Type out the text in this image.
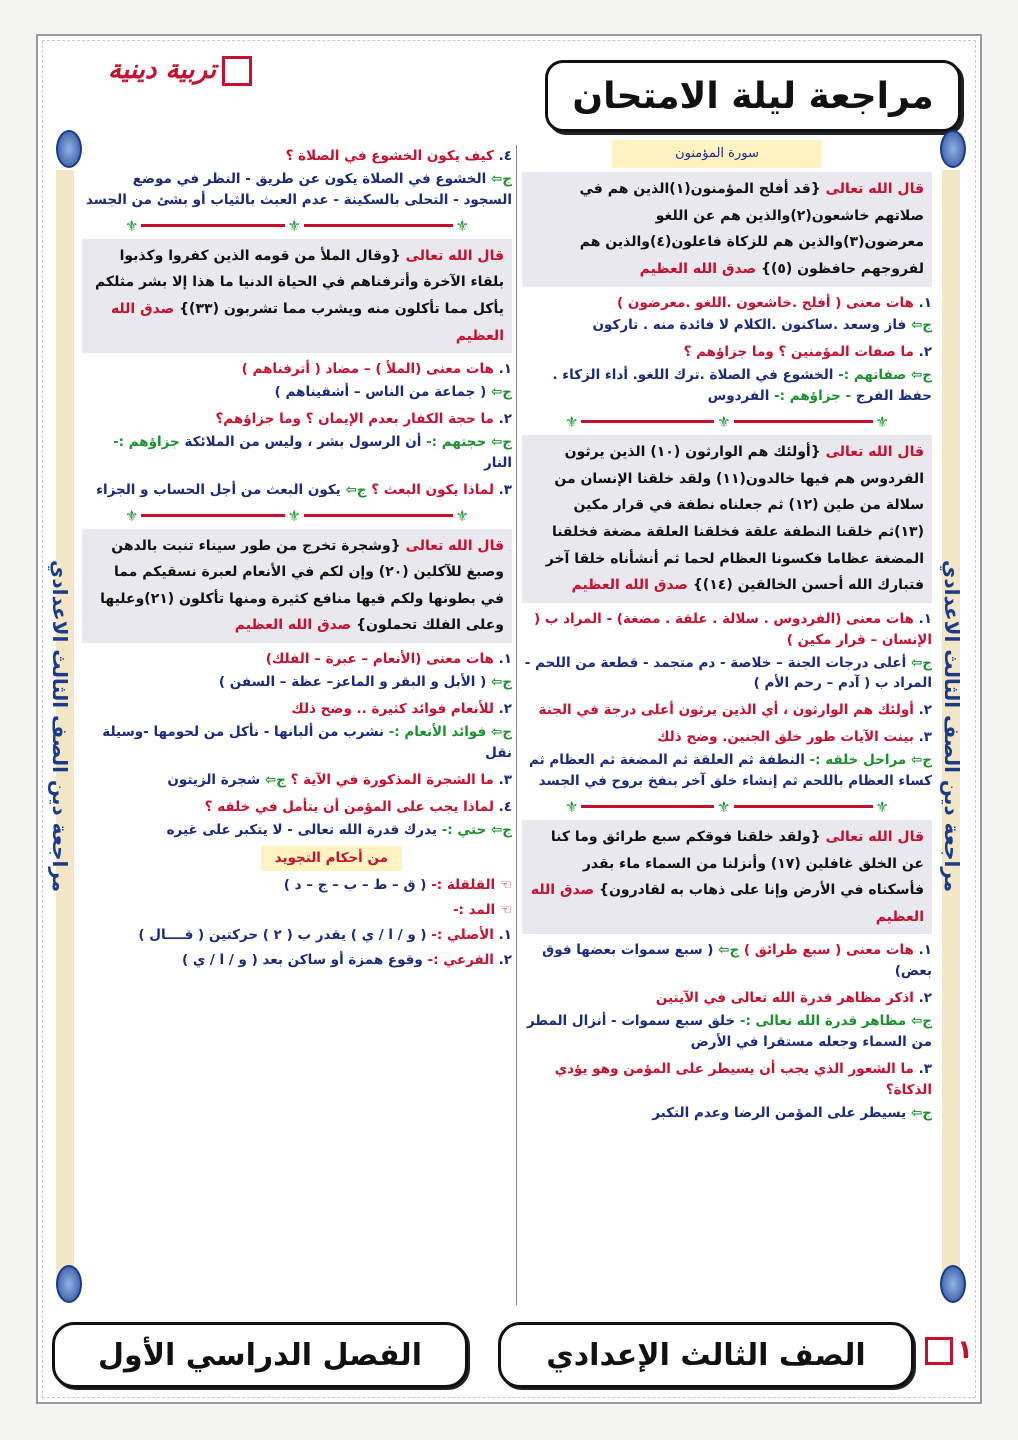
مراجعة ليلة الامتحان
تربية دينية
مراجعة دين الصف الثالث الاعدادي
مراجعة دين الصف الثالث الاعدادي
سورة المؤمنون
قال الله تعالى {قد أفلح المؤمنون(١)الذين هم في صلاتهم خاشعون(٢)والذين هم عن اللغو معرضون(٣)والذين هم للزكاة فاعلون(٤)والذين هم لفروجهم حافظون (٥)} صدق الله العظيم
١. هات معنى ( أفلح .خاشعون .اللغو .معرضون )
ج⇦ فاز وسعد .ساكنون .الكلام لا فائدة منه . تاركون
٢. ما صفات المؤمنين ؟ وما جزاؤهم ؟
ج⇦ صفاتهم :- الخشوع في الصلاة .ترك اللغو. أداء الزكاء . حفظ الفرج - جزاؤهم :- الفردوس
⚜
⚜
⚜
قال الله تعالى {أولئك هم الوارثون (١٠) الذين يرثون الفردوس هم فيها خالدون(١١) ولقد خلقنا الإنسان من سلالة من طين (١٢) ثم جعلناه نطفة في قرار مكين (١٣)ثم خلقنا النطفة علقة فخلقنا العلقة مضغة فخلقنا المضغة عظاما فكسونا العظام لحما ثم أنشأناه خلقا آخر فتبارك الله أحسن الخالقين (١٤)} صدق الله العظيم
١. هات معنى (الفردوس . سلالة . علقة . مضغة) - المراد ب ( الإنسان – قرار مكين )
ج⇦ أعلى درجات الجنة – خلاصة - دم متجمد - قطعة من اللحم - المراد ب ( آدم – رحم الأم )
٢. أولئك هم الوارثون ، أي الذين يرثون أعلى درجة في الجنة
٣. بينت الآيات طور خلق الجنين. وضح ذلك
ج⇦ مراحل خلقه :- النطفة ثم العلقة ثم المضغة ثم العظام ثم كساء العظام باللحم ثم إنشاء خلق آخر بنفخ بروح في الجسد
⚜
⚜
⚜
قال الله تعالى {ولقد خلقنا فوقكم سبع طرائق وما كنا عن الخلق غافلين (١٧) وأنزلنا من السماء ماء بقدر فأسكناه في الأرض وإنا على ذهاب به لقادرون} صدق الله العظيم
١. هات معنى ( سبع طرائق ) ج⇦ ( سبع سموات بعضها فوق بعض)
٢. اذكر مظاهر قدرة الله تعالى في الآيتين
ج⇦ مظاهر قدرة الله تعالى :- خلق سبع سموات - أنزال المطر من السماء وجعله مستقرا في الأرض
٣. ما الشعور الذي يجب أن يسيطر على المؤمن وهو يؤدي الذكاة؟
ج⇦ يسيطر على المؤمن الرضا وعدم التكبر
٤. كيف يكون الخشوع في الصلاة ؟
ج⇦ الخشوع في الصلاة يكون عن طريق - النظر في موضع السجود - التحلى بالسكينة - عدم العبث بالثياب أو بشئ من الجسد
⚜
⚜
⚜
قال الله تعالى {وقال الملأ من قومه الذين كفروا وكذبوا بلقاء الآخرة وأترفناهم في الحياة الدنيا ما هذا إلا بشر مثلكم يأكل مما تأكلون منه ويشرب مما تشربون (٣٣)} صدق الله العظيم
١. هات معنى (الملأ ) – مضاد ( أترفناهم )
ج⇦ ( جماعة من الناس – أشقيناهم )
٢. ما حجة الكفار بعدم الإيمان ؟ وما جزاؤهم؟
ج⇦ حجتهم :- أن الرسول بشر ، وليس من الملائكة جزاؤهم :- النار
٣. لماذا يكون البعث ؟ ج⇦ يكون البعث من أجل الحساب و الجزاء
⚜
⚜
⚜
قال الله تعالى {وشجرة تخرج من طور سيناء تنبت بالدهن وصبغ للآكلين (٢٠) وإن لكم في الأنعام لعبرة نسقيكم مما في بطونها ولكم فيها منافع كثيرة ومنها تأكلون (٢١)وعليها وعلى الفلك تحملون} صدق الله العظيم
١. هات معنى (الأنعام – عبرة – الفلك)
ج⇦ ( الأبل و البقر و الماعز– عظة – السفن )
٢. للأنعام فوائد كثيرة .. وضح ذلك
ج⇦ فوائد الأنعام :- نشرب من ألبانها - نأكل من لحومها -وسيلة نقل
٣. ما الشجرة المذكورة في الآية ؟ ج⇦ شجرة الزيتون
٤. لماذا يجب على المؤمن أن يتأمل في خلقه ؟
ج⇦ حتي :- يدرك قدرة الله تعالى - لا يتكبر على غيره
من أحكام التجويد
☜ القلقلة :- ( ق – ط – ب – ج – د )
☜ المد :-
١. الأصلي :- ( و / ا / ي ) يقدر ب ( ٢ ) حركتين ( قــــال )
٢. الفرعي :- وقوع همزة أو ساكن بعد ( و / ا / ي )
١
الصف الثالث الإعدادي
الفصل الدراسي الأول
